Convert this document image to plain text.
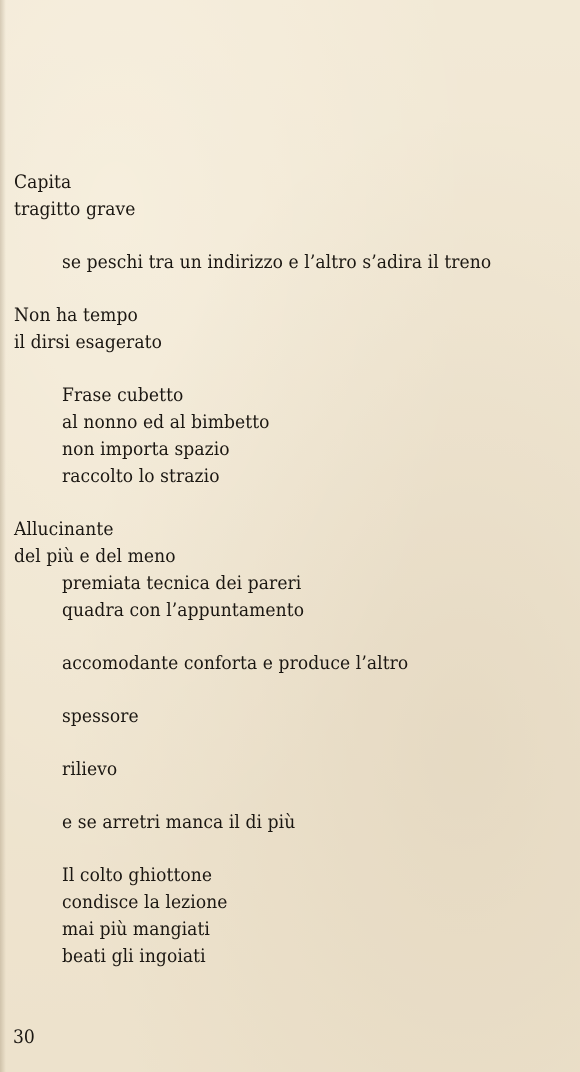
Capita
tragitto grave
se peschi tra un indirizzo e l’altro s’adira il treno
Non ha tempo
il dirsi esagerato
Frase cubetto
al nonno ed al bimbetto
non importa spazio
raccolto lo strazio
Allucinante
del più e del meno
premiata tecnica dei pareri
quadra con l’appuntamento
accomodante conforta e produce l’altro
spessore
rilievo
e se arretri manca il di più
Il colto ghiottone
condisce la lezione
mai più mangiati
beati gli ingoiati
30
